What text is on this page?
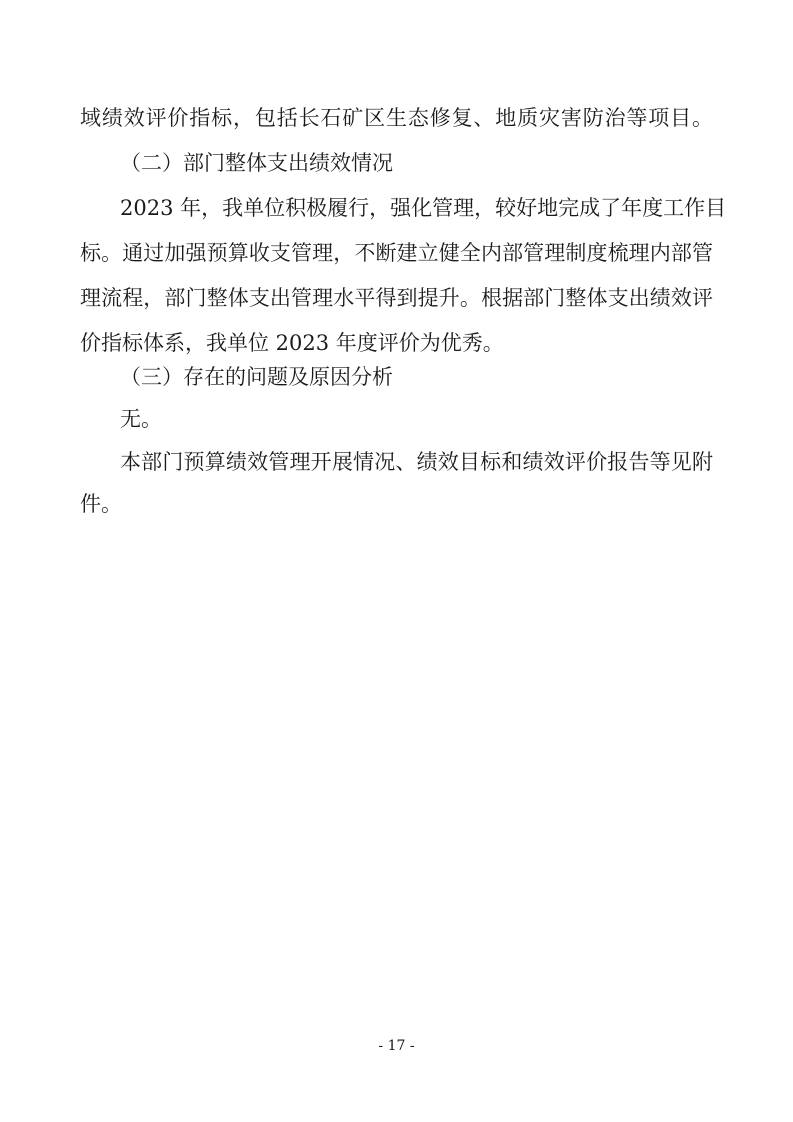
域绩效评价指标，包括长石矿区生态修复、地质灾害防治等项目。
（二）部门整体支出绩效情况
2023 年，我单位积极履行，强化管理，较好地完成了年度工作目
标。通过加强预算收支管理，不断建立健全内部管理制度梳理内部管
理流程，部门整体支出管理水平得到提升。根据部门整体支出绩效评
价指标体系，我单位 2023 年度评价为优秀。
（三）存在的问题及原因分析
无。
本部门预算绩效管理开展情况、绩效目标和绩效评价报告等见附
件。
- 17 -
